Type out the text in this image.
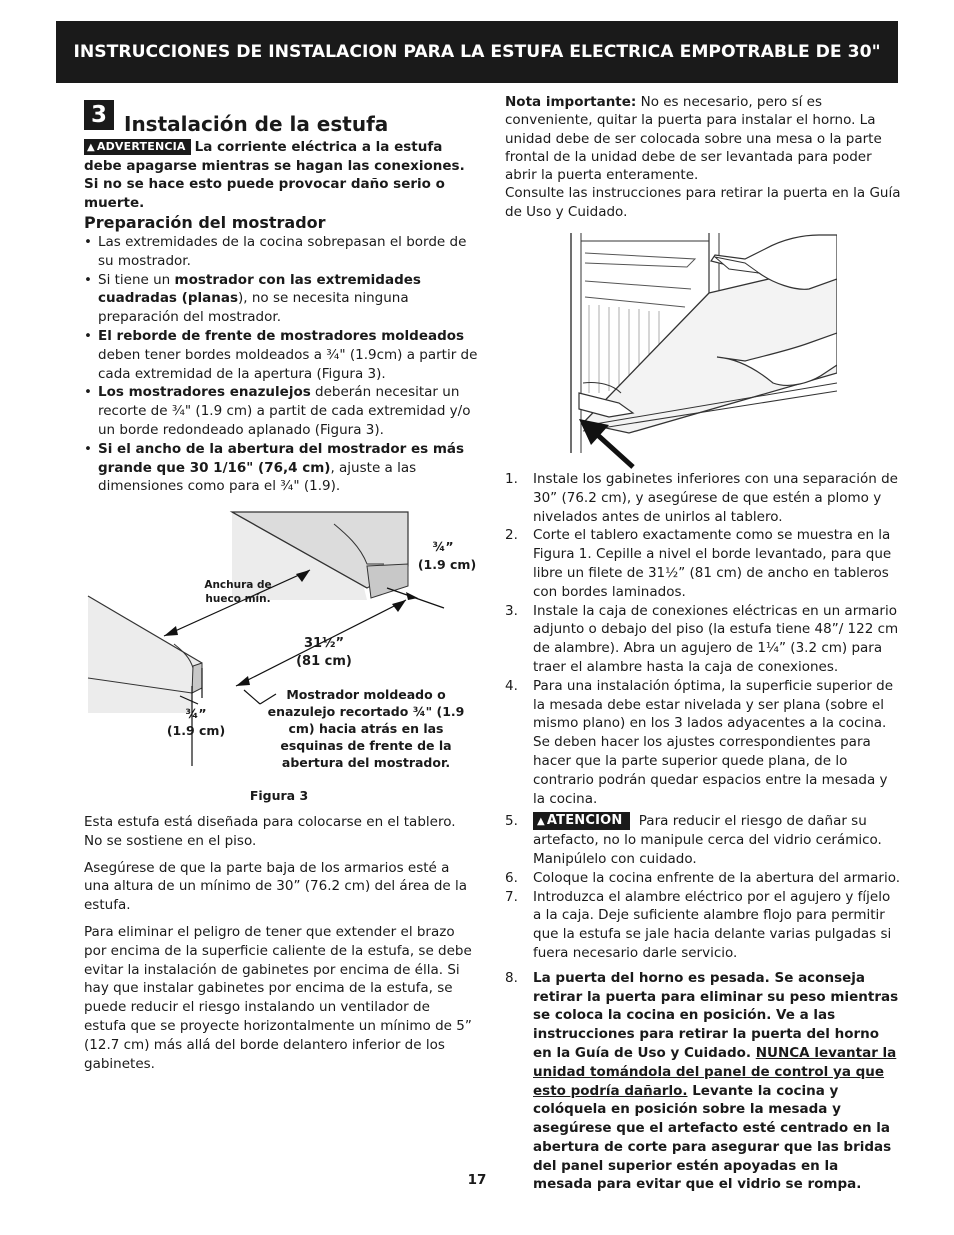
INSTRUCCIONES DE INSTALACION PARA LA ESTUFA ELECTRICA EMPOTRABLE DE 30"
3 Instalación de la estufa
▲ ADVERTENCIA La corriente eléctrica a la estufa debe apagarse mientras se hagan las conexiones. Si no se hace esto puede provocar daño serio o muerte.
Preparación del mostrador
• Las extremidades de la cocina sobrepasan el borde de su mostrador.
• Si tiene un mostrador con las extremidades cuadradas (planas), no se necesita ninguna preparación del mostrador.
• El reborde de frente de mostradores moldeados deben tener bordes moldeados a ¾" (1.9cm) a partir de cada extremidad de la apertura (Figura 3).
• Los mostradores enazulejos deberán necesitar un recorte de ¾" (1.9 cm) a partit de cada extremidad y/o un borde redondeado aplanado (Figura 3).
• Si el ancho de la abertura del mostrador es más grande que 30 1/16" (76,4 cm), ajuste a las dimensiones como para el ¾" (1.9).
Anchura de hueco mín.
¾”
(1.9 cm)
31½”
(81 cm)
¾”
(1.9 cm)
Mostrador moldeado o enazulejo recortado ¾" (1.9 cm) hacia atrás en las esquinas de frente de la abertura del mostrador.
Figura 3

Esta estufa está diseñada para colocarse en el tablero. No se sostiene en el piso.

Asegúrese de que la parte baja de los armarios esté a una altura de un mínimo de 30” (76.2 cm) del área de la estufa.

Para eliminar el peligro de tener que extender el brazo por encima de la superficie caliente de la estufa, se debe evitar la instalación de gabinetes por encima de élla. Si hay que instalar gabinetes por encima de la estufa, se puede reducir el riesgo instalando un ventilador de estufa que se proyecte horizontalmente un mínimo de 5” (12.7 cm) más allá del borde delantero inferior de los gabinetes.

Nota importante: No es necesario, pero sí es conveniente, quitar la puerta para instalar el horno. La unidad debe de ser colocada sobre una mesa o la parte frontal de la unidad debe de ser levantada para poder abrir la puerta enteramente.

Consulte las instrucciones para retirar la puerta en la Guía de Uso y Cuidado.

1. Instale los gabinetes inferiores con una separación de 30” (76.2 cm), y asegúrese de que estén a plomo y nivelados antes de unirlos al tablero.
2. Corte el tablero exactamente como se muestra en la Figura 1. Cepille a nivel el borde levantado, para que libre un filete de 31½” (81 cm) de ancho en tableros con bordes laminados.
3. Instale la caja de conexiones eléctricas en un armario adjunto o debajo del piso (la estufa tiene 48”/ 122 cm de alambre). Abra un agujero de 1¼” (3.2 cm) para traer el alambre hasta la caja de conexiones.
4. Para una instalación óptima, la superficie superior de la mesada debe estar nivelada y ser plana (sobre el mismo plano) en los 3 lados adyacentes a la cocina. Se deben hacer los ajustes correspondientes para hacer que la parte superior quede plana, de lo contrario podrán quedar espacios entre la mesada y la cocina.
5. ▲ ATENCION Para reducir el riesgo de dañar su artefacto, no lo manipule cerca del vidrio cerámico. Manipúlelo con cuidado.
6. Coloque la cocina enfrente de la abertura del armario.
7. Introduzca el alambre eléctrico por el agujero y fíjelo a la caja. Deje suficiente alambre flojo para permitir que la estufa se jale hacia delante varias pulgadas si fuera necesario darle servicio.
8. La puerta del horno es pesada. Se aconseja retirar la puerta para eliminar su peso mientras se coloca la cocina en posición. Ve a las instrucciones para retirar la puerta del horno en la Guía de Uso y Cuidado. NUNCA levantar la unidad tomándola del panel de control ya que esto podría dañarlo. Levante la cocina y colóquela en posición sobre la mesada y asegúrese que el artefacto esté centrado en la abertura de corte para asegurar que las bridas del panel superior estén apoyadas en la mesada para evitar que el vidrio se rompa.
17
